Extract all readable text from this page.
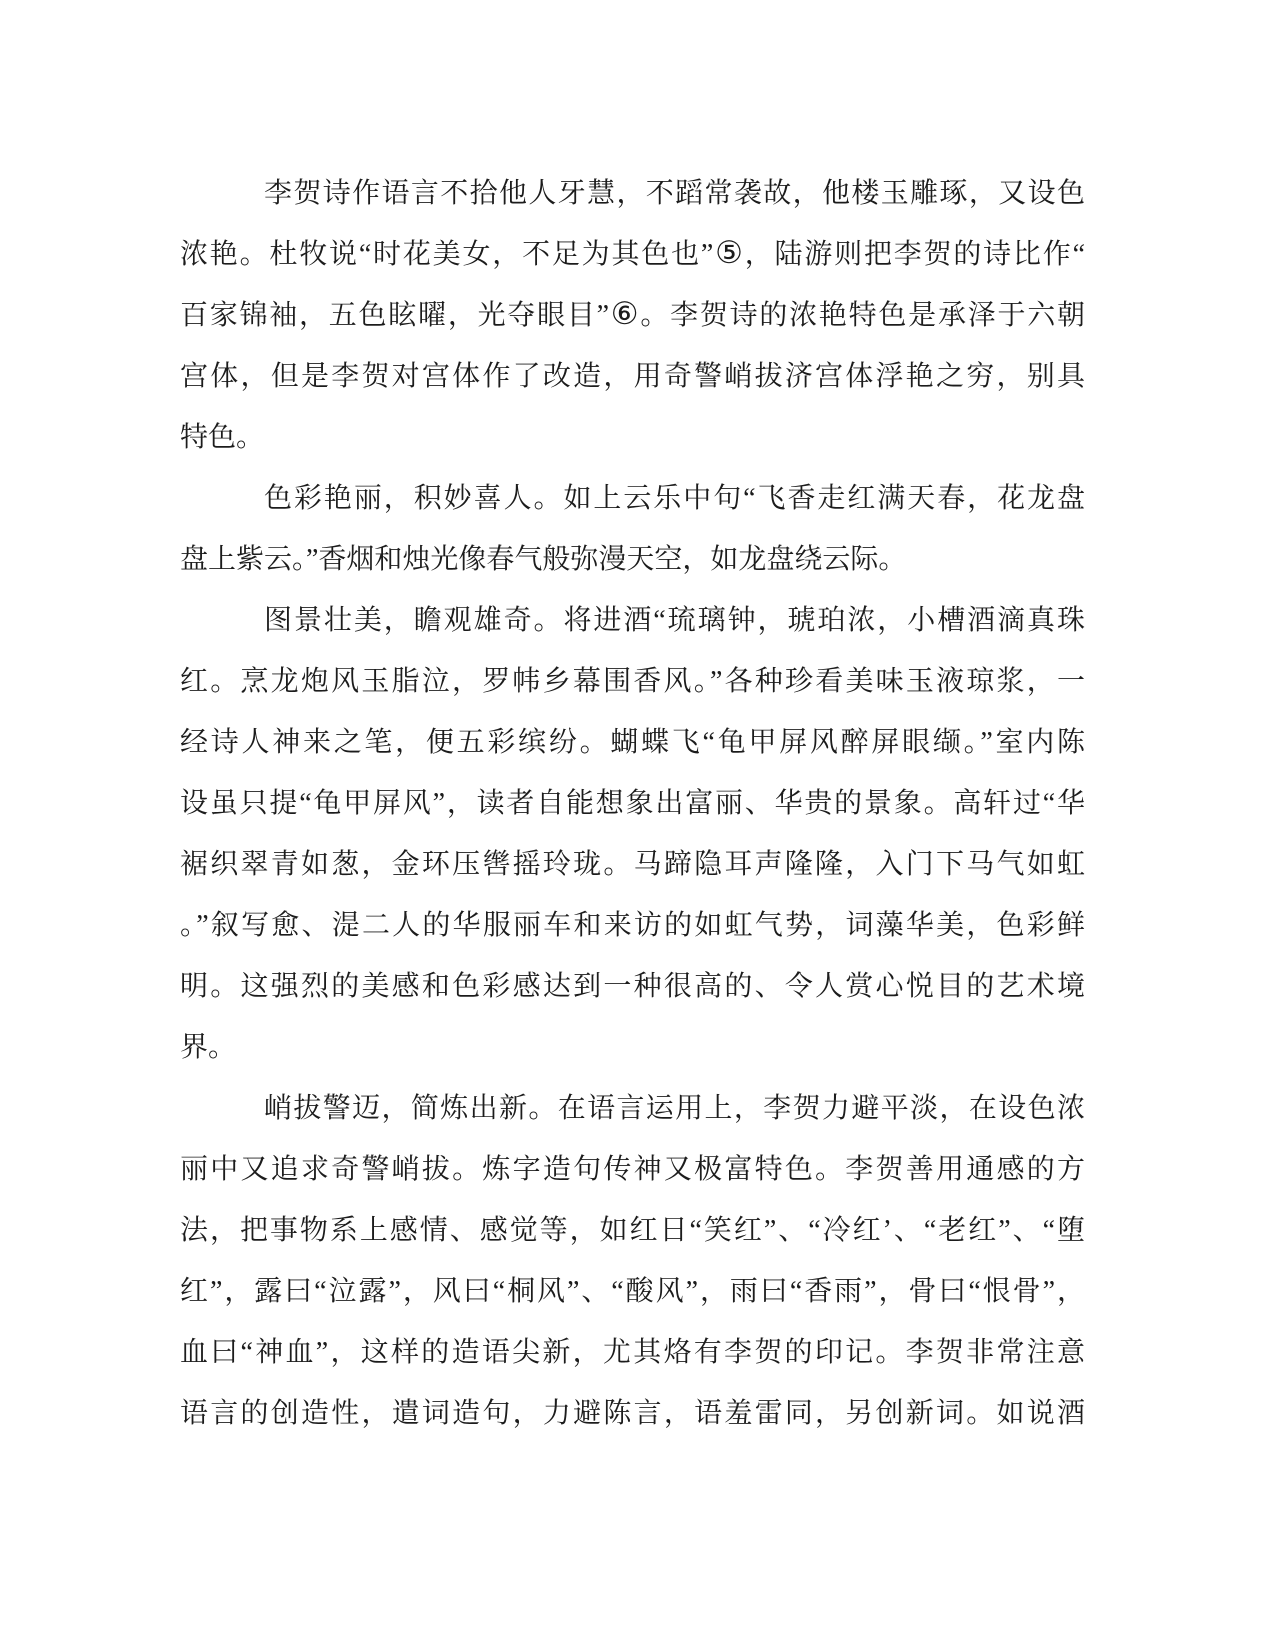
李贺诗作语言不拾他人牙慧，不蹈常袭故，他楼玉雕琢，又设色
浓艳。杜牧说“时花美女，不足为其色也”⑤，陆游则把李贺的诗比作“
百家锦袖，五色眩曜，光夺眼目”⑥。李贺诗的浓艳特色是承泽于六朝
宫体，但是李贺对宫体作了改造，用奇警峭拔济宫体浮艳之穷，别具
特色。
色彩艳丽，积妙喜人。如上云乐中句“飞香走红满天春，花龙盘
盘上紫云。”香烟和烛光像春气般弥漫天空，如龙盘绕云际。
图景壮美，瞻观雄奇。将进酒“琉璃钟，琥珀浓，小槽酒滴真珠
红。烹龙炮风玉脂泣，罗帏乡幕围香风。”各种珍看美味玉液琼浆，一
经诗人神来之笔，便五彩缤纷。蝴蝶飞“龟甲屏风醉屏眼缬。”室内陈
设虽只提“龟甲屏风”，读者自能想象出富丽、华贵的景象。高轩过“华
裾织翠青如葱，金环压辔摇玲珑。马蹄隐耳声隆隆，入门下马气如虹
。”叙写愈、湜二人的华服丽车和来访的如虹气势，词藻华美，色彩鲜
明。这强烈的美感和色彩感达到一种很高的、令人赏心悦目的艺术境
界。
峭拔警迈，简炼出新。在语言运用上，李贺力避平淡，在设色浓
丽中又追求奇警峭拔。炼字造句传神又极富特色。李贺善用通感的方
法，把事物系上感情、感觉等，如红日“笑红”、“冷红’、“老红”、“堕
红”，露曰“泣露”，风曰“桐风”、“酸风”，雨曰“香雨”，骨曰“恨骨”，
血曰“神血”，这样的造语尖新，尤其烙有李贺的印记。李贺非常注意
语言的创造性，遣词造句，力避陈言，语羞雷同，另创新词。如说酒
